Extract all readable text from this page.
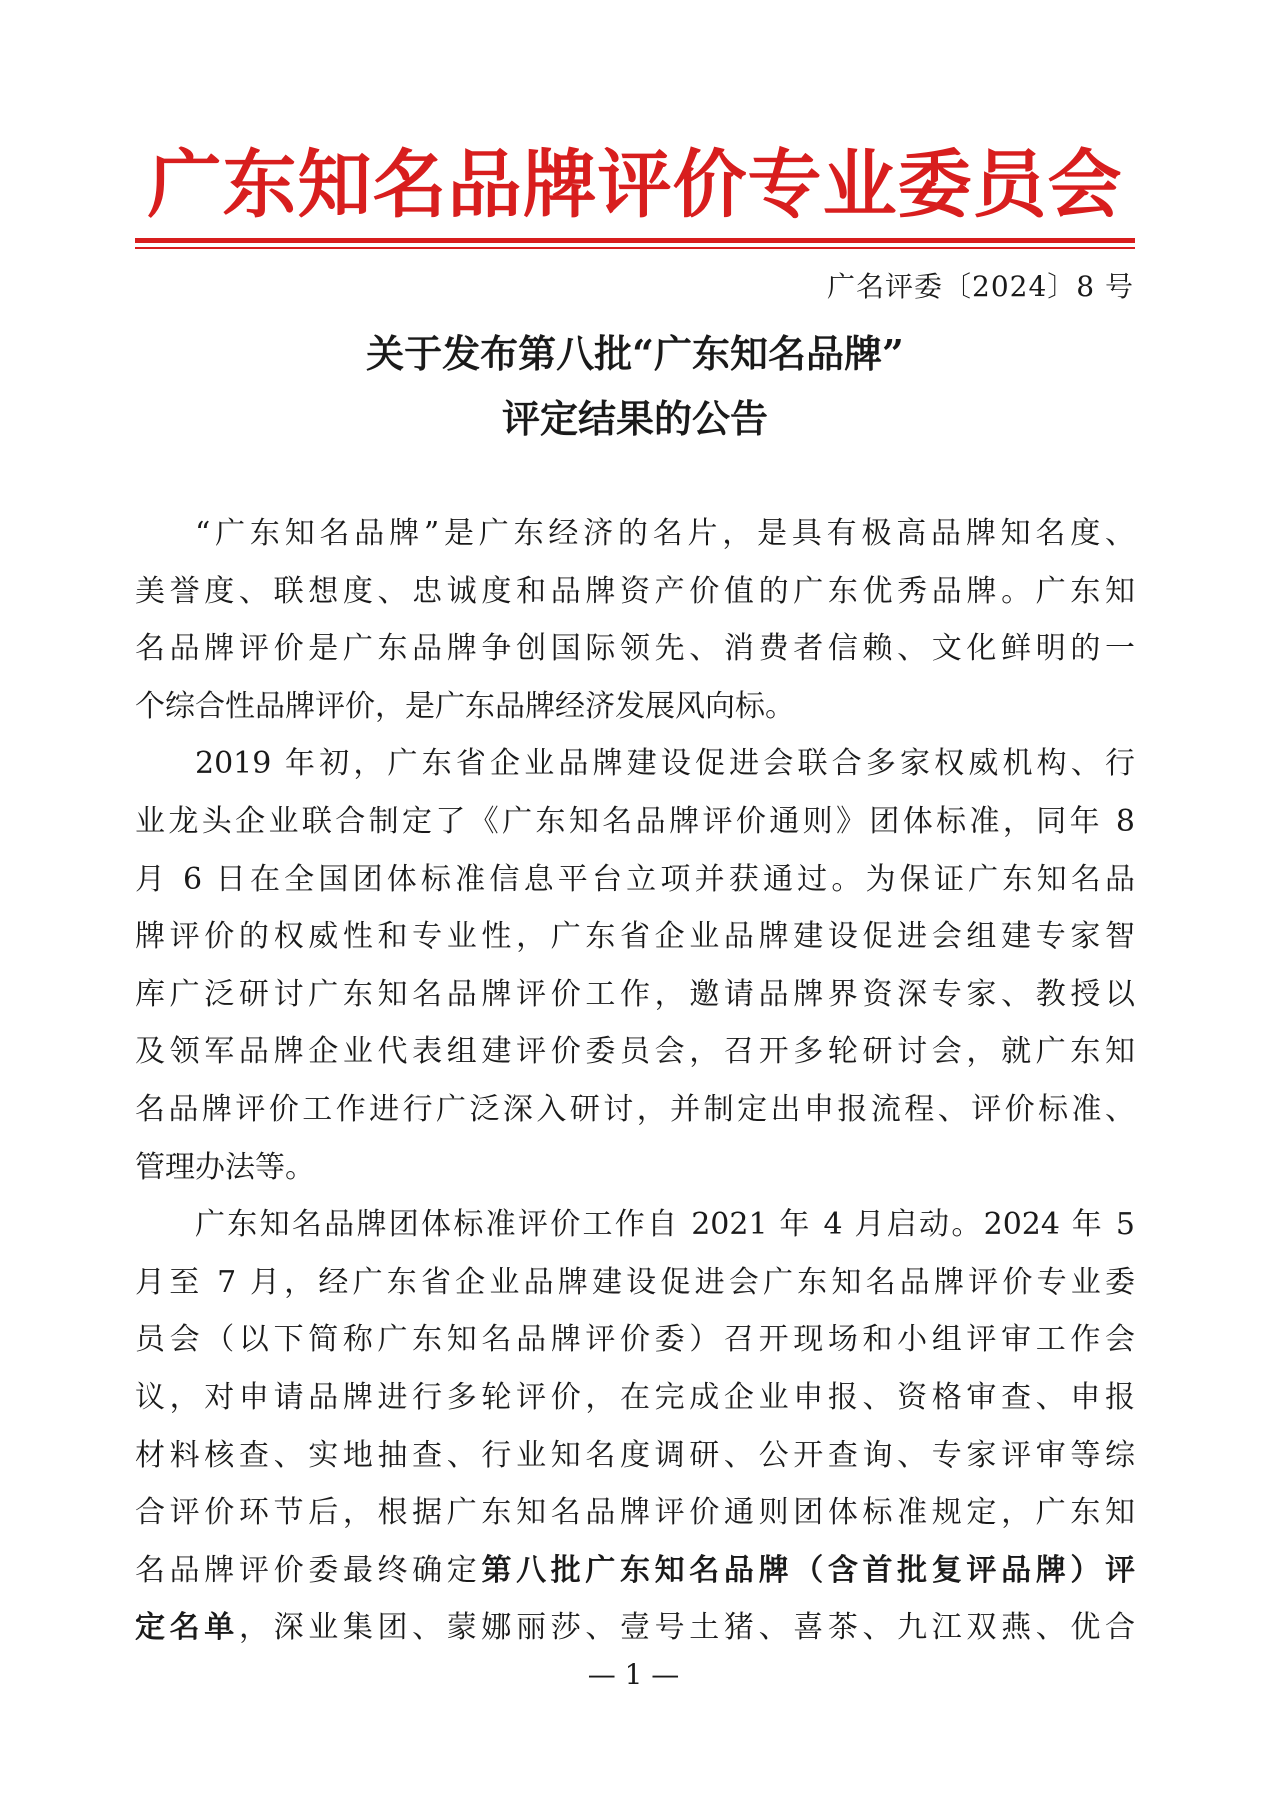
广东知名品牌评价专业委员会
广名评委〔2024〕8 号
关于发布第八批“广东知名品牌”
评定结果的公告
“广东知名品牌”是广东经济的名片，是具有极高品牌知名度、
美誉度、联想度、忠诚度和品牌资产价值的广东优秀品牌。广东知
名品牌评价是广东品牌争创国际领先、消费者信赖、文化鲜明的一
个综合性品牌评价，是广东品牌经济发展风向标。
2019 年初，广东省企业品牌建设促进会联合多家权威机构、行
业龙头企业联合制定了《广东知名品牌评价通则》团体标准，同年 8
月 6 日在全国团体标准信息平台立项并获通过。为保证广东知名品
牌评价的权威性和专业性，广东省企业品牌建设促进会组建专家智
库广泛研讨广东知名品牌评价工作，邀请品牌界资深专家、教授以
及领军品牌企业代表组建评价委员会，召开多轮研讨会，就广东知
名品牌评价工作进行广泛深入研讨，并制定出申报流程、评价标准、
管理办法等。
广东知名品牌团体标准评价工作自 2021 年 4 月启动。2024 年 5
月至 7 月，经广东省企业品牌建设促进会广东知名品牌评价专业委
员会（以下简称广东知名品牌评价委）召开现场和小组评审工作会
议，对申请品牌进行多轮评价，在完成企业申报、资格审查、申报
材料核查、实地抽查、行业知名度调研、公开查询、专家评审等综
合评价环节后，根据广东知名品牌评价通则团体标准规定，广东知
名品牌评价委最终确定第八批广东知名品牌（含首批复评品牌）评
定名单，深业集团、蒙娜丽莎、壹号土猪、喜茶、九江双燕、优合
— 1 —
